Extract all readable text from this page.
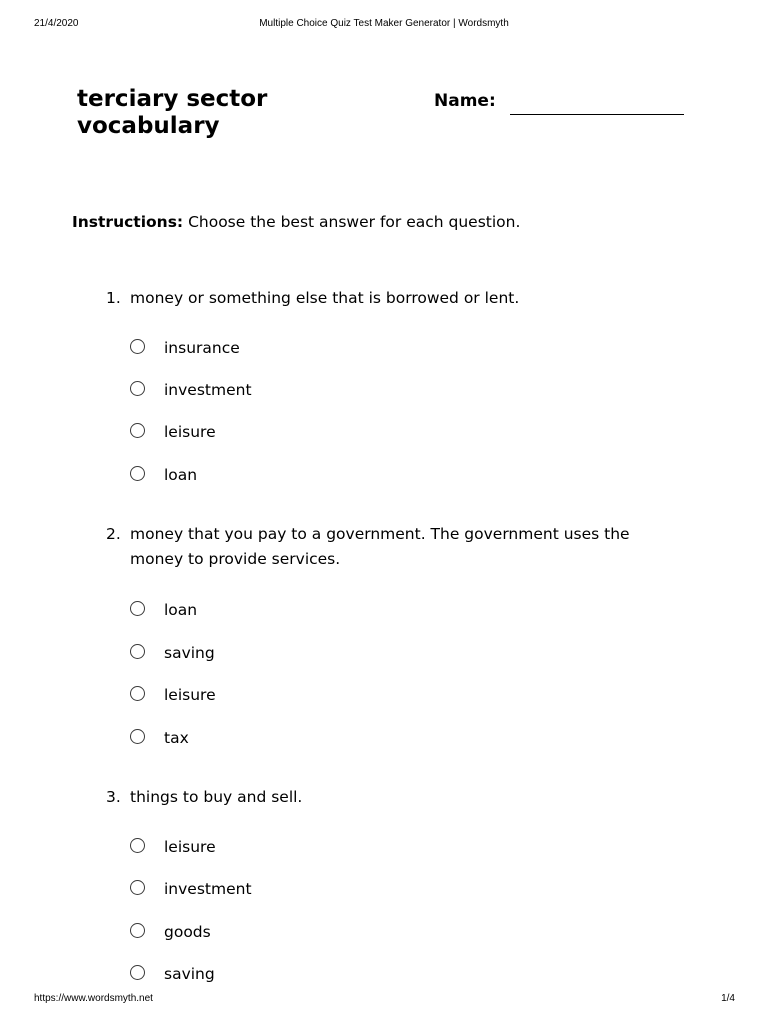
21/4/2020	Multiple Choice Quiz Test Maker Generator | Wordsmyth
terciary sector
vocabulary
Name:
Instructions: Choose the best answer for each question.
1. money or something else that is borrowed or lent.
insurance
investment
leisure
loan
2. money that you pay to a government. The government uses the money to provide services.
loan
saving
leisure
tax
3. things to buy and sell.
leisure
investment
goods
saving
https://www.wordsmyth.net	1/4
